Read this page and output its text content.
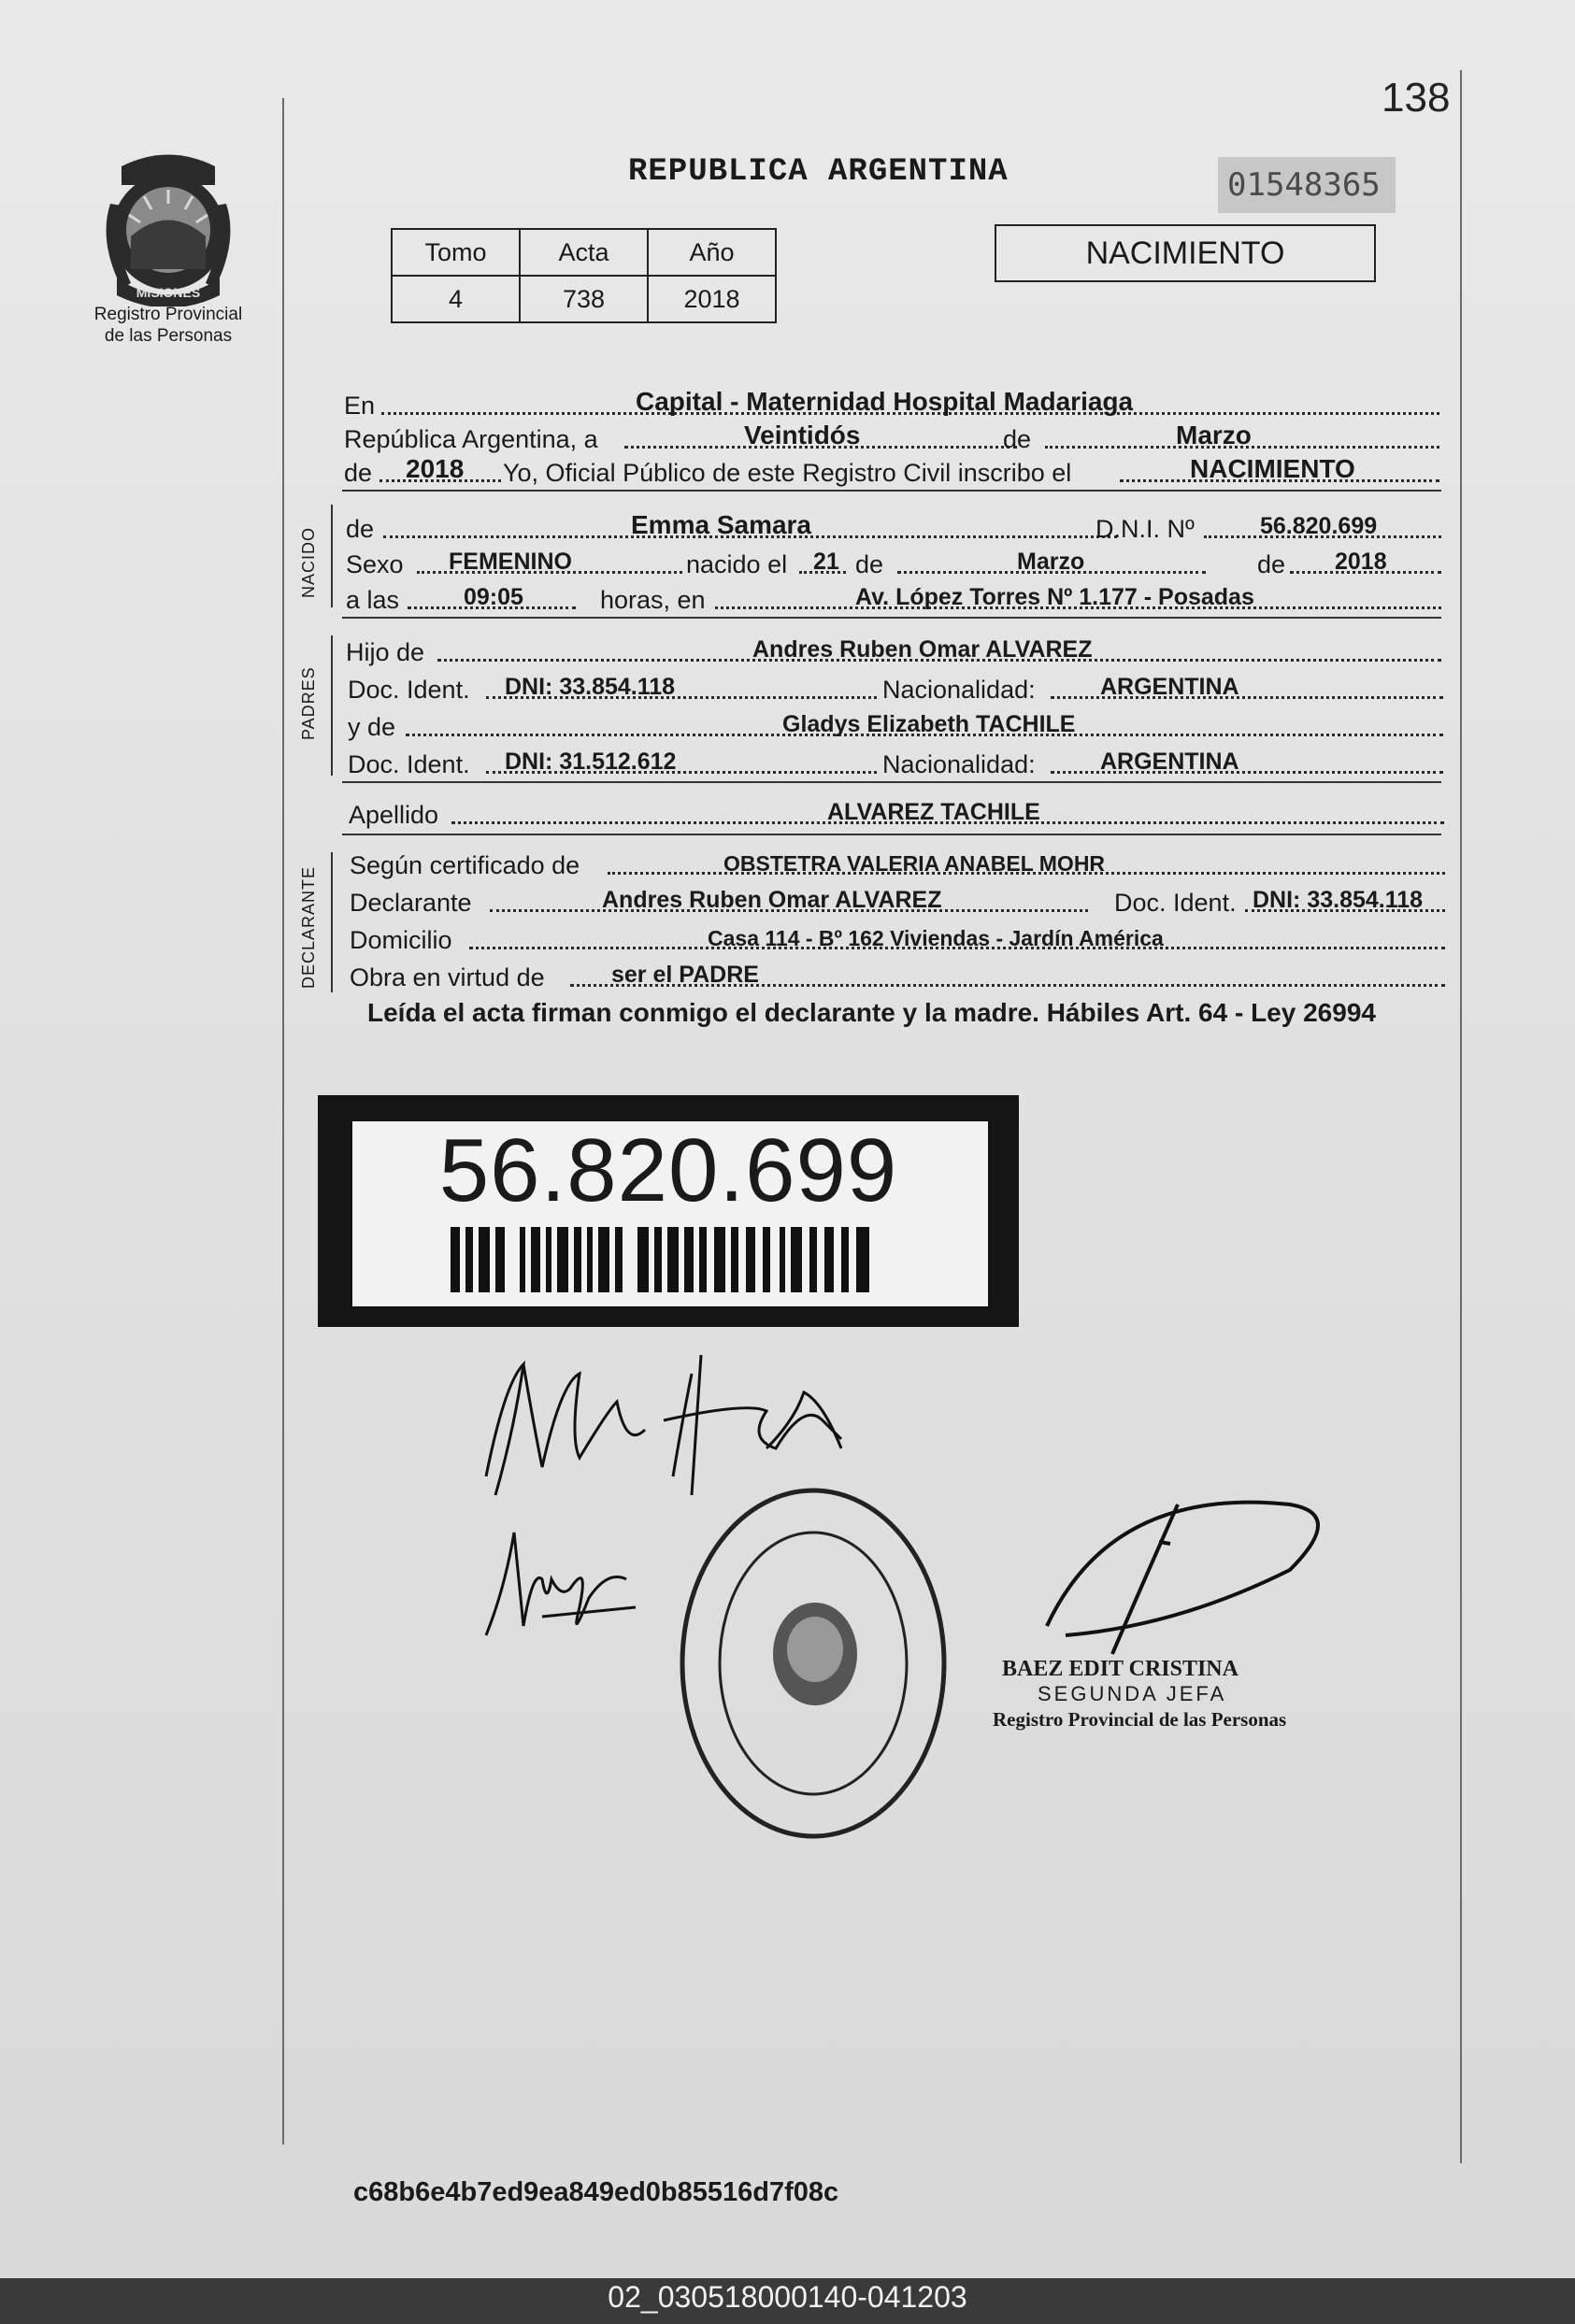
138
REPUBLICA ARGENTINA	01548365
MISIONES
Registro Provincial
de las Personas
Tomo	Acta	Año
4	738	2018
NACIMIENTO
En	Capital - Maternidad Hospital Madariaga
República Argentina, a	Veintidós	de	Marzo
de 2018 Yo, Oficial Público de este Registro Civil inscribo el	NACIMIENTO
NACIDO de	Emma Samara	D.N.I. Nº	56.820.699
Sexo FEMENINO	nacido el 21 de	Marzo	de 2018
a las	09:05	horas, en	Av. López Torres Nº 1.177 - Posadas
PADRES
Hijo de	Andres Ruben Omar ALVAREZ
Doc. Ident. DNI: 33.854.118	Nacionalidad:	ARGENTINA
y de	Gladys Elizabeth TACHILE
Doc. Ident. DNI: 31.512.612	Nacionalidad:	ARGENTINA
Apellido	ALVAREZ TACHILE
DECLARANTE
Según certificado de	OBSTETRA VALERIA ANABEL MOHR
Declarante	Andres Ruben Omar ALVAREZ	Doc. Ident. DNI: 33.854.118
Domicilio	Casa 114 - Bº 162 Viviendas - Jardín América
Obra en virtud de	ser el PADRE
Leída el acta firman conmigo el declarante y la madre. Hábiles Art. 64 - Ley 26994
56.820.699
BAEZ EDIT CRISTINA
SEGUNDA JEFA
Registro Provincial de las Personas
c68b6e4b7ed9ea849ed0b85516d7f08c
02_030518000140-041203
